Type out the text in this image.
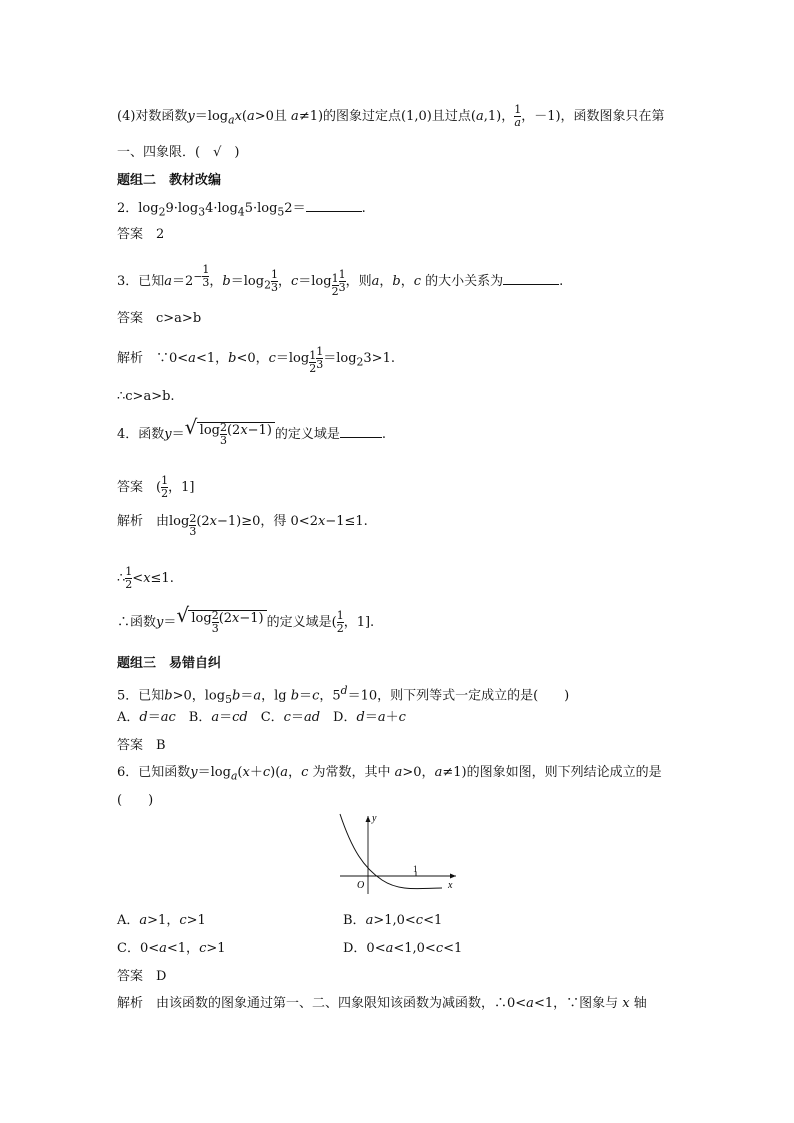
(4)对数函数$y=\log_ax(a>0$且 a≠1)的图象过定点(1,0)且过点(a,1)， $\frac{1}{a}$ ，－1)，函数图象只在第
一、四象限．(　√　)
题组二　教材改编
2．$\log_29\cdot\log_34\cdot\log_45\cdot\log_52=$	.
答案　2
3．已知$a=2^{- \frac{1}{3}}$ ，$b=\log_2 \frac{1}{3}$ ，c＝log $_{\frac{1}{2}} \frac{1}{3}$ ，则a，b，c 的大小关系为	.
答案　c>a>b
解析　∵0<a<1，b<0，c＝log $_{\frac{1}{2}} \frac{1}{3} =\log_23>1$.
∴c>a>b.
4．函数y＝ √ log $_{\frac{2}{3}}$ (2x−1) 的定义域是	.
答案　( $\frac{1}{2}$ ，1]
解析　由log $_{\frac{2}{3}}$ (2x−1)≥0，得 0<2x−1≤1.
∴ $\frac{1}{2} <x\le 1$.
∴函数y＝ √ log $_{\frac{2}{3}}$ (2x−1) 的定义域是( $\frac{1}{2}$ ，1].
题组三　易错自纠
5．已知b>0，$\log_5b=a$，lg b＝c，$5^d=10$，则下列等式一定成立的是(　　)
A．d＝ac　B．a＝cd　C．c＝ad　D．d＝a＋c
答案　B
6．已知函数$y=\log_a(x+c)(a$，c 为常数，其中 a>0，a≠1)的图象如图，则下列结论成立的是
(　　)
y
x
O
1
A．a>1，c>1	B．a>1,0<c<1
C．0<a<1，c>1	D．0<a<1,0<c<1
答案　D
解析　由该函数的图象通过第一、二、四象限知该函数为减函数，∴0<a<1，∵图象与 x 轴
